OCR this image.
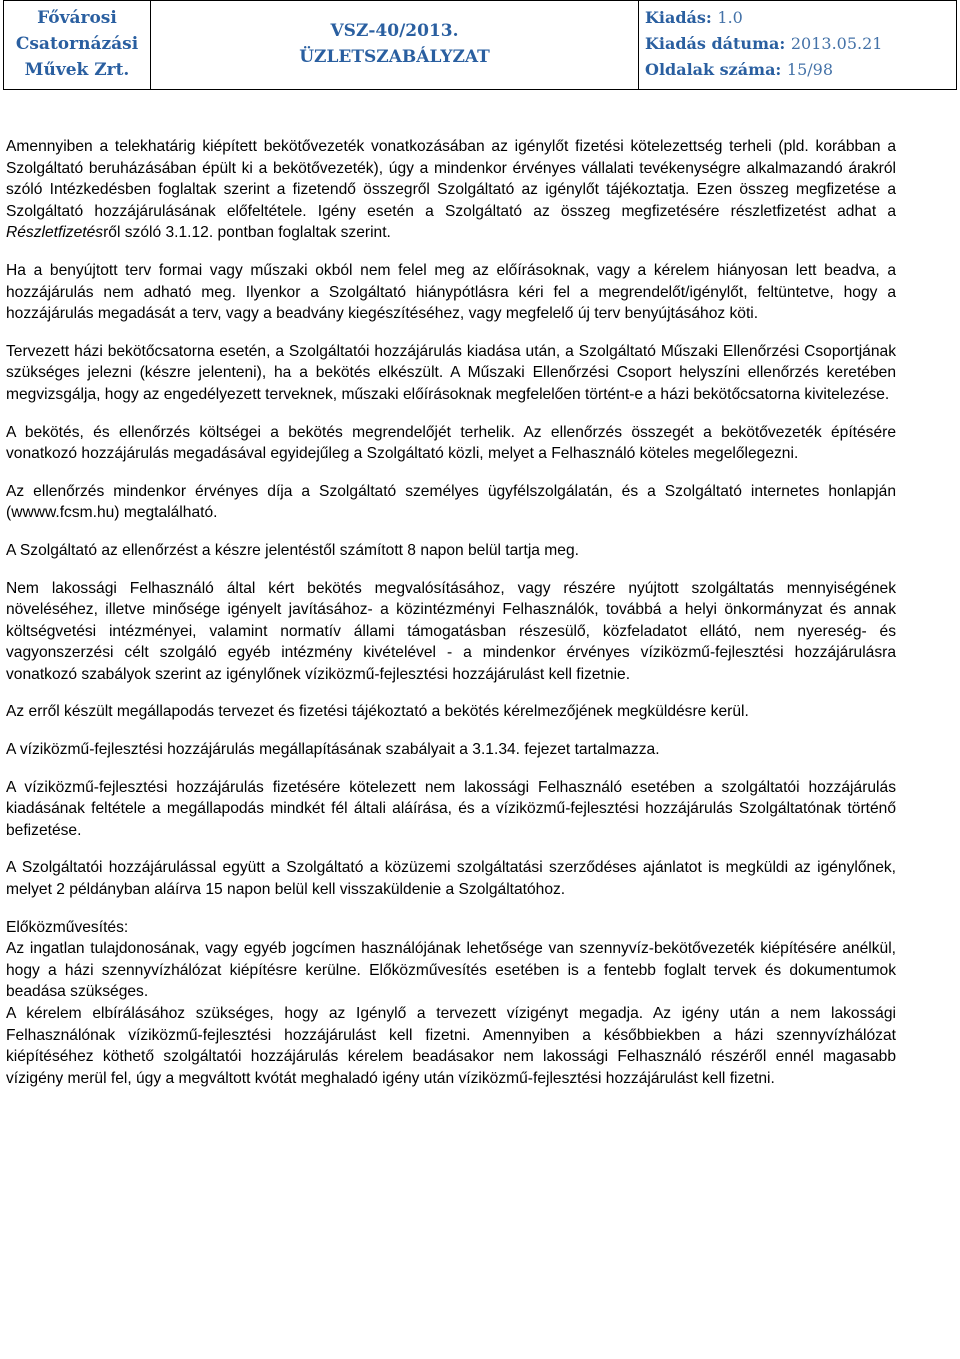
Fővárosi
Csatornázási
Művek Zrt.

VSZ-40/2013.
ÜZLETSZABÁLYZAT

Kiadás: 1.0
Kiadás dátuma: 2013.05.21
Oldalak száma: 15/98

Amennyiben a telekhatárig kiépített bekötővezeték vonatkozásában az igénylőt fizetési kötelezettség terheli (pld. korábban a Szolgáltató beruházásában épült ki a bekötővezeték), úgy a mindenkor érvényes vállalati tevékenységre alkalmazandó árakról szóló Intézkedésben foglaltak szerint a fizetendő összegről Szolgáltató az igénylőt tájékoztatja. Ezen összeg megfizetése a Szolgáltató hozzájárulásának előfeltétele. Igény esetén a Szolgáltató az összeg megfizetésére részletfizetést adhat a Részletfizetésről szóló 3.1.12. pontban foglaltak szerint.

Ha a benyújtott terv formai vagy műszaki okból nem felel meg az előírásoknak, vagy a kérelem hiányosan lett beadva, a hozzájárulás nem adható meg. Ilyenkor a Szolgáltató hiánypótlásra kéri fel a megrendelőt/igénylőt, feltüntetve, hogy a hozzájárulás megadását a terv, vagy a beadvány kiegészítéséhez, vagy megfelelő új terv benyújtásához köti.

Tervezett házi bekötőcsatorna esetén, a Szolgáltatói hozzájárulás kiadása után, a Szolgáltató Műszaki Ellenőrzési Csoportjának szükséges jelezni (készre jelenteni), ha a bekötés elkészült. A Műszaki Ellenőrzési Csoport helyszíni ellenőrzés keretében megvizsgálja, hogy az engedélyezett terveknek, műszaki előírásoknak megfelelően történt-e a házi bekötőcsatorna kivitelezése.

A bekötés, és ellenőrzés költségei a bekötés megrendelőjét terhelik. Az ellenőrzés összegét a bekötővezeték építésére vonatkozó hozzájárulás megadásával egyidejűleg a Szolgáltató közli, melyet a Felhasználó köteles megelőlegezni.

Az ellenőrzés mindenkor érvényes díja a Szolgáltató személyes ügyfélszolgálatán, és a Szolgáltató internetes honlapján (wwww.fcsm.hu) megtalálható.

A Szolgáltató az ellenőrzést a készre jelentéstől számított 8 napon belül tartja meg.

Nem lakossági Felhasználó által kért bekötés megvalósításához, vagy részére nyújtott szolgáltatás mennyiségének növeléséhez, illetve minősége igényelt javításához- a közintézményi Felhasználók, továbbá a helyi önkormányzat és annak költségvetési intézményei, valamint normatív állami támogatásban részesülő, közfeladatot ellátó, nem nyereség- és vagyonszerzési célt szolgáló egyéb intézmény kivételével - a mindenkor érvényes víziközmű-fejlesztési hozzájárulásra vonatkozó szabályok szerint az igénylőnek víziközmű-fejlesztési hozzájárulást kell fizetnie.

Az erről készült megállapodás tervezet és fizetési tájékoztató a bekötés kérelmezőjének megküldésre kerül.

A víziközmű-fejlesztési hozzájárulás megállapításának szabályait a 3.1.34. fejezet tartalmazza.

A víziközmű-fejlesztési hozzájárulás fizetésére kötelezett nem lakossági Felhasználó esetében a szolgáltatói hozzájárulás kiadásának feltétele a megállapodás mindkét fél általi aláírása, és a víziközmű-fejlesztési hozzájárulás Szolgáltatónak történő befizetése.

A Szolgáltatói hozzájárulással együtt a Szolgáltató a közüzemi szolgáltatási szerződéses ajánlatot is megküldi az igénylőnek, melyet 2 példányban aláírva 15 napon belül kell visszaküldenie a Szolgáltatóhoz.

Előközművesítés:

Az ingatlan tulajdonosának, vagy egyéb jogcímen használójának lehetősége van szennyvíz-bekötővezeték kiépítésére anélkül, hogy a házi szennyvízhálózat kiépítésre kerülne. Előközművesítés esetében is a fentebb foglalt tervek és dokumentumok beadása szükséges.

A kérelem elbírálásához szükséges, hogy az Igénylő a tervezett vízigényt megadja. Az igény után a nem lakossági Felhasználónak víziközmű-fejlesztési hozzájárulást kell fizetni. Amennyiben a későbbiekben a házi szennyvízhálózat kiépítéséhez köthető szolgáltatói hozzájárulás kérelem beadásakor nem lakossági Felhasználó részéről ennél magasabb vízigény merül fel, úgy a megváltott kvótát meghaladó igény után víziközmű-fejlesztési hozzájárulást kell fizetni.
